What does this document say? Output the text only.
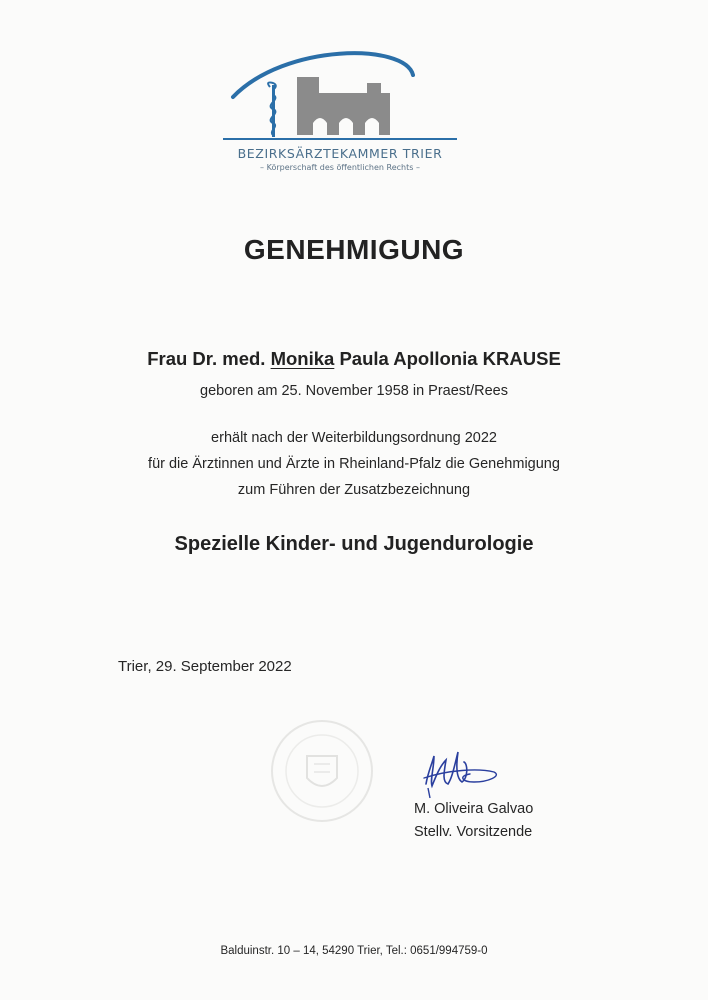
BEZIRKSÄRZTEKAMMER TRIER
– Körperschaft des öffentlichen Rechts –
GENEHMIGUNG
Frau Dr. med. Monika Paula Apollonia KRAUSE
geboren am 25. November 1958 in Praest/Rees
erhält nach der Weiterbildungsordnung 2022
für die Ärztinnen und Ärzte in Rheinland-Pfalz die Genehmigung
zum Führen der Zusatzbezeichnung
Spezielle Kinder- und Jugendurologie
Trier, 29. September 2022
M. Oliveira Galvao
Stellv. Vorsitzende
Balduinstr. 10 – 14, 54290 Trier, Tel.: 0651/994759-0
